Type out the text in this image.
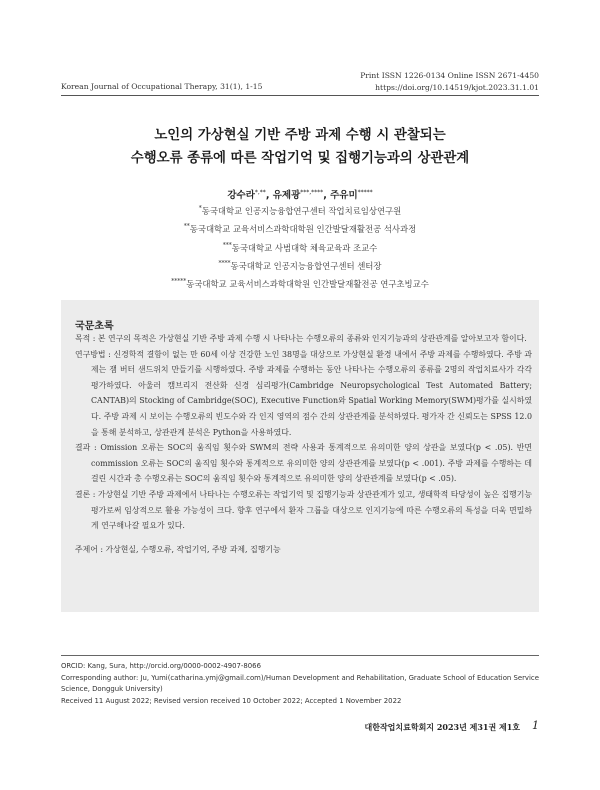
Print ISSN 1226-0134 Online ISSN 2671-4450
https://doi.org/10.14519/kjot.2023.31.1.01
Korean Journal of Occupational Therapy, 31(1), 1-15
노인의 가상현실 기반 주방 과제 수행 시 관찰되는
수행오류 종류에 따른 작업기억 및 집행기능과의 상관관계
강수라*,**, 유제광***,****, 주유미*****
*동국대학교 인공지능융합연구센터 작업치료임상연구원
**동국대학교 교육서비스과학대학원 인간발달재활전공 석사과정
***동국대학교 사범대학 체육교육과 조교수
****동국대학교 인공지능융합연구센터 센터장
*****동국대학교 교육서비스과학대학원 인간발달재활전공 연구초빙교수
국문초록

목적 : 본 연구의 목적은 가상현실 기반 주방 과제 수행 시 나타나는 수행오류의 종류와 인지기능과의 상관관계를 알아보고자 함이다.

연구방법 : 신경학적 결함이 없는 만 60세 이상 건강한 노인 38명을 대상으로 가상현실 환경 내에서 주방 과제를 수행하였다. 주방 과제는 잼 버터 샌드위치 만들기를 시행하였다. 주방 과제를 수행하는 동안 나타나는 수행오류의 종류를 2명의 작업치료사가 각각 평가하였다. 아울러 캠브리지 전산화 신경 심리평가(Cambridge Neuropsychological Test Automated Battery; CANTAB)의 Stocking of Cambridge(SOC), Executive Function와 Spatial Working Memory(SWM)평가를 실시하였다. 주방 과제 시 보이는 수행오류의 빈도수와 각 인지 영역의 점수 간의 상관관계를 분석하였다. 평가자 간 신뢰도는 SPSS 12.0을 통해 분석하고, 상관관계 분석은 Python을 사용하였다.

결과 : Omission 오류는 SOC의 움직임 횟수와 SWM의 전략 사용과 통계적으로 유의미한 양의 상관을 보였다(p < .05). 반면 commission 오류는 SOC의 움직임 횟수와 통계적으로 유의미한 양의 상관관계를 보였다(p < .001). 주방 과제를 수행하는 데 걸린 시간과 총 수행오류는 SOC의 움직임 횟수와 통계적으로 유의미한 양의 상관관계를 보였다(p < .05).

결론 : 가상현실 기반 주방 과제에서 나타나는 수행오류는 작업기억 및 집행기능과 상관관계가 있고, 생태학적 타당성이 높은 집행기능 평가로써 임상적으로 활용 가능성이 크다. 향후 연구에서 환자 그룹을 대상으로 인지기능에 따른 수행오류의 특성을 더욱 면밀하게 연구해나갈 필요가 있다.

주제어 : 가상현실, 수행오류, 작업기억, 주방 과제, 집행기능

ORCID: Kang, Sura, http://orcid.org/0000-0002-4907-8066
Corresponding author: Ju, Yumi(catharina.ymj@gmail.com)/Human Development and Rehabilitation, Graduate School of Education Service Science, Dongguk University)
Received 11 August 2022; Revised version received 10 October 2022; Accepted 1 November 2022
대한작업치료학회지 2023년 제31권 제1호 1
